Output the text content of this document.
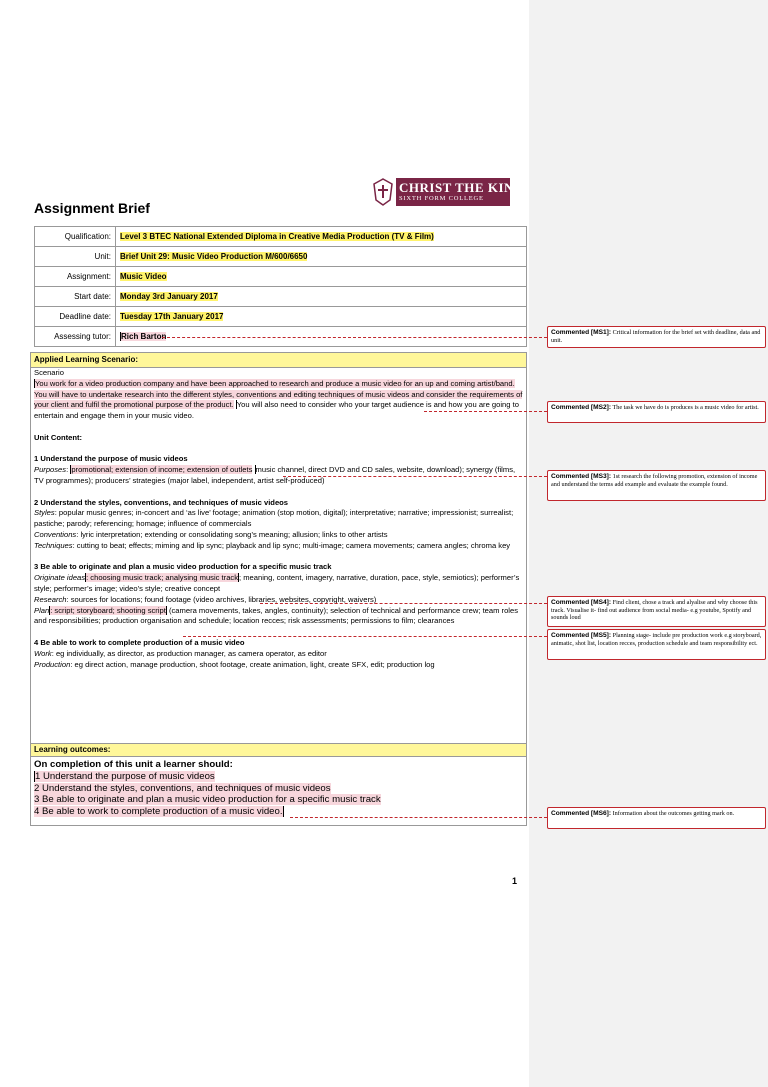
Assignment Brief
CHRIST THE KING
SIXTH FORM COLLEGE
Qualification:	Level 3 BTEC National Extended Diploma in Creative Media Production (TV & Film)
Unit:	Brief Unit 29: Music Video Production M/600/6650
Assignment:	Music Video
Start date:	Monday 3rd January 2017
Deadline date:	Tuesday 17th January 2017
Assessing tutor:	Rich Barton
Applied Learning Scenario:

Scenario

You work for a video production company and have been approached to research and produce a music video for an up and coming artist/band. You will have to undertake research into the different styles, conventions and editing techniques of music videos and consider the requirements of your client and fulfil the promotional purpose of the product. You will also need to consider who your target audience is and how you are going to entertain and engage them in your music video.

Unit Content:

1 Understand the purpose of music videos

Purposes: promotional; extension of income; extension of outlets music channel, direct DVD and CD sales, website, download); synergy (films, TV programmes); producers’ strategies (major label, independent, artist self-produced)

2 Understand the styles, conventions, and techniques of music videos

Styles: popular music genres; in-concert and ‘as live’ footage; animation (stop motion, digital); interpretative; narrative; impressionist; surrealist; pastiche; parody; referencing; homage; influence of commercials

Conventions: lyric interpretation; extending or consolidating song’s meaning; allusion; links to other artists

Techniques: cutting to beat; effects; miming and lip sync; playback and lip sync; multi-image; camera movements; camera angles; chroma key

3 Be able to originate and plan a music video production for a specific music track

Originate ideas: choosing music track; analysing music track; meaning, content, imagery, narrative, duration, pace, style, semiotics); performer’s style; performer’s image; video’s style; creative concept

Research: sources for locations; found footage (video archives, libraries, websites, copyright, waivers)

Plan: script; storyboard; shooting script (camera movements, takes, angles, continuity); selection of technical and performance crew; team roles and responsibilities; production organisation and schedule; location recces; risk assessments; permissions to film; clearances

4 Be able to work to complete production of a music video

Work: eg individually, as director, as production manager, as camera operator, as editor

Production: eg direct action, manage production, shoot footage, create animation, light, create SFX, edit; production log

Learning outcomes:

On completion of this unit a learner should:

1 Understand the purpose of music videos

2 Understand the styles, conventions, and techniques of music videos

3 Be able to originate and plan a music video production for a specific music track

4 Be able to work to complete production of a music video.

1
Commented [MS1]: Critical information for the brief set with deadline, data and unit.
Commented [MS2]: The task we have do is produces is a music video for artist.
Commented [MS3]: 1st research the following promotion, extension of income and understand the terms add example and evaluate the example found.
Commented [MS4]: Find client, chose a track and alyalise and why choose this track. Visualise it- find out audience from social media- e.g youtube, Spotify and sounds loud
Commented [MS5]: Planning stage- include pre production work e.g storyboard, animatic, shot list, location recces, production schedule and team responsibility ect.
Commented [MS6]: Information about the outcomes getting mark on.
